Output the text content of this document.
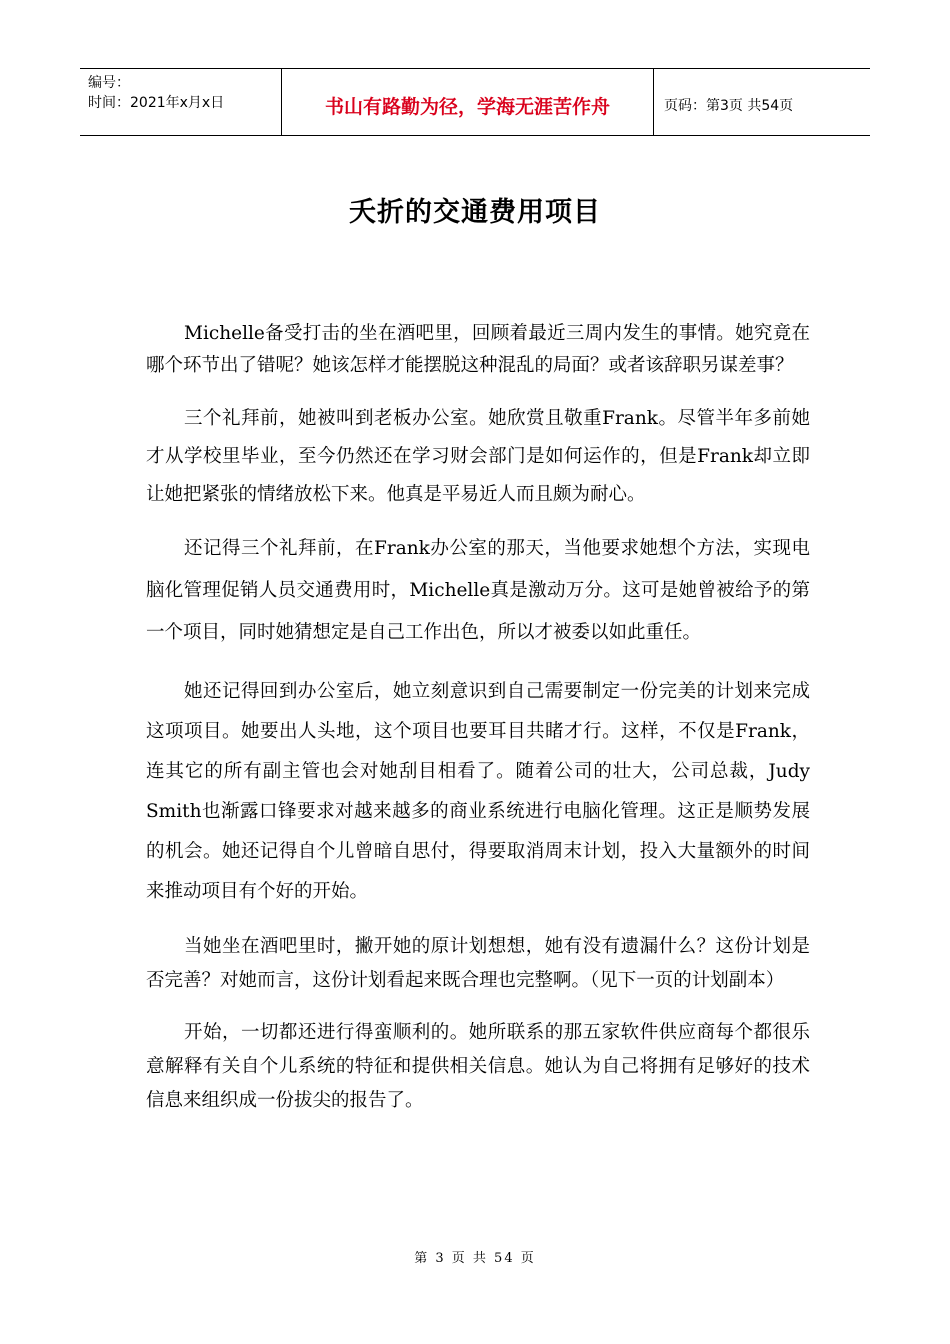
编号：
时间：2021年x月x日	书山有路勤为径，学海无涯苦作舟	页码：第3页 共54页
夭折的交通费用项目

Michelle备受打击的坐在酒吧里，回顾着最近三周内发生的事情。她究竟在哪个环节出了错呢？她该怎样才能摆脱这种混乱的局面？或者该辞职另谋差事？

三个礼拜前，她被叫到老板办公室。她欣赏且敬重Frank。尽管半年多前她才从学校里毕业，至今仍然还在学习财会部门是如何运作的，但是Frank却立即让她把紧张的情绪放松下来。他真是平易近人而且颇为耐心。

还记得三个礼拜前，在Frank办公室的那天，当他要求她想个方法，实现电脑化管理促销人员交通费用时，Michelle真是激动万分。这可是她曾被给予的第一个项目，同时她猜想定是自己工作出色，所以才被委以如此重任。

她还记得回到办公室后，她立刻意识到自己需要制定一份完美的计划来完成这项项目。她要出人头地，这个项目也要耳目共睹才行。这样，不仅是Frank，连其它的所有副主管也会对她刮目相看了。随着公司的壮大，公司总裁，Judy Smith也渐露口锋要求对越来越多的商业系统进行电脑化管理。这正是顺势发展的机会。她还记得自个儿曾暗自思付，得要取消周末计划，投入大量额外的时间来推动项目有个好的开始。

当她坐在酒吧里时，撇开她的原计划想想，她有没有遗漏什么？这份计划是否完善？对她而言，这份计划看起来既合理也完整啊。（见下一页的计划副本）

开始，一切都还进行得蛮顺利的。她所联系的那五家软件供应商每个都很乐意解释有关自个儿系统的特征和提供相关信息。她认为自己将拥有足够好的技术信息来组织成一份拔尖的报告了。

第 3 页 共 54 页
